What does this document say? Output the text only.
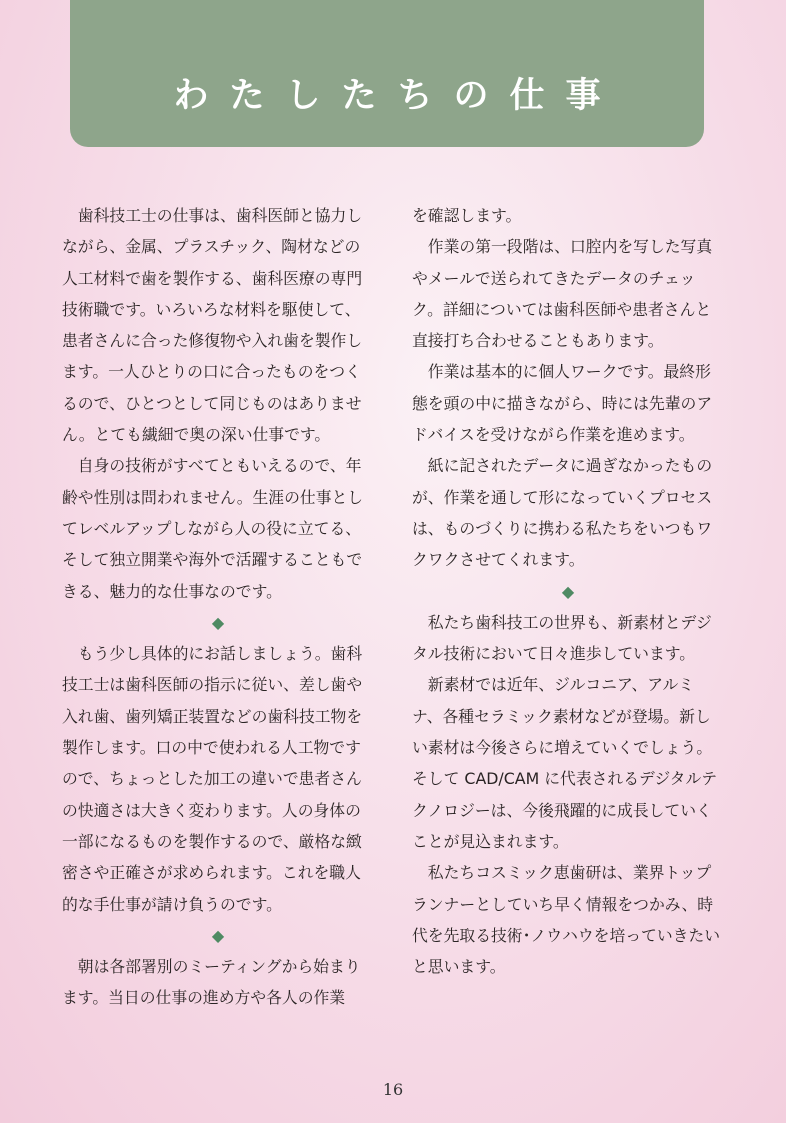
わたしたちの仕事

歯科技工士の仕事は、歯科医師と協力しながら、金属、プラスチック、陶材などの人工材料で歯を製作する、歯科医療の専門技術職です。いろいろな材料を駆使して、患者さんに合った修復物や入れ歯を製作します。一人ひとりの口に合ったものをつくるので、ひとつとして同じものはありません。とても繊細で奥の深い仕事です。

自身の技術がすべてともいえるので、年齢や性別は問われません。生涯の仕事としてレベルアップしながら人の役に立てる、そして独立開業や海外で活躍することもできる、魅力的な仕事なのです。

◆

もう少し具体的にお話しましょう。歯科技工士は歯科医師の指示に従い、差し歯や入れ歯、歯列矯正装置などの歯科技工物を製作します。口の中で使われる人工物ですので、ちょっとした加工の違いで患者さんの快適さは大きく変わります。人の身体の一部になるものを製作するので、厳格な緻密さや正確さが求められます。これを職人的な手仕事が請け負うのです。

◆

朝は各部署別のミーティングから始まります。当日の仕事の進め方や各人の作業

を確認します。

作業の第一段階は、口腔内を写した写真やメールで送られてきたデータのチェック。詳細については歯科医師や患者さんと直接打ち合わせることもあります。

作業は基本的に個人ワークです。最終形態を頭の中に描きながら、時には先輩のアドバイスを受けながら作業を進めます。

紙に記されたデータに過ぎなかったものが、作業を通して形になっていくプロセスは、ものづくりに携わる私たちをいつもワクワクさせてくれます。

◆

私たち歯科技工の世界も、新素材とデジタル技術において日々進歩しています。

新素材では近年、ジルコニア、アルミナ、各種セラミック素材などが登場。新しい素材は今後さらに増えていくでしょう。そして CAD/CAM に代表されるデジタルテクノロジーは、今後飛躍的に成長していくことが見込まれます。

私たちコスミック恵歯研は、業界トップランナーとしていち早く情報をつかみ、時代を先取る技術･ノウハウを培っていきたいと思います。

16
